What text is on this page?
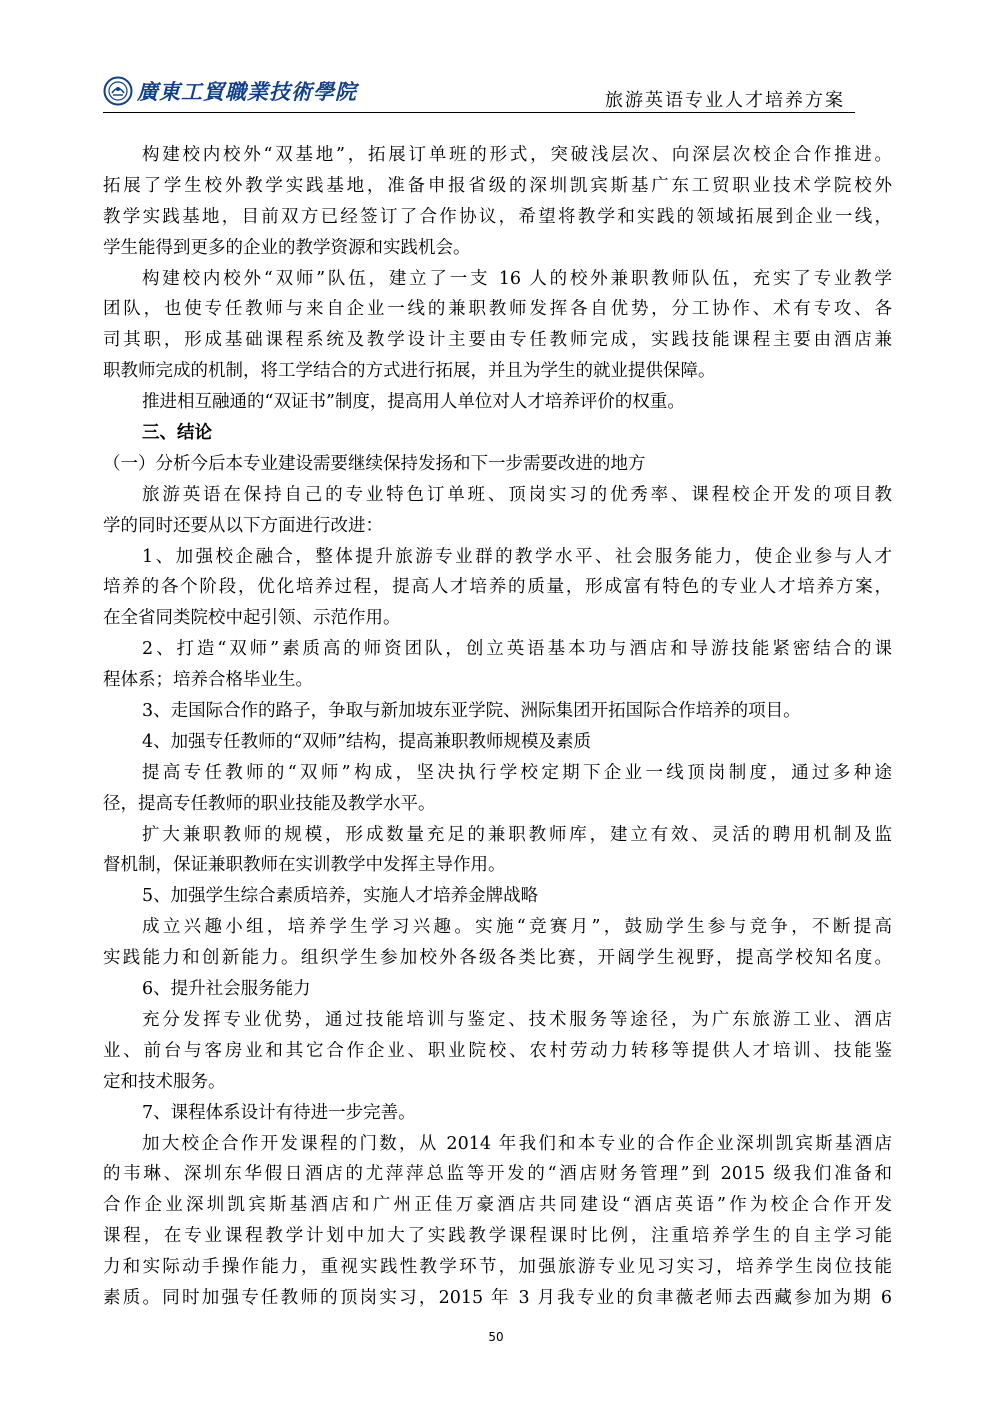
廣東工貿職業技術學院	旅游英语专业人才培养方案
构建校内校外“双基地”，拓展订单班的形式，突破浅层次、向深层次校企合作推进。
拓展了学生校外教学实践基地，准备申报省级的深圳凯宾斯基广东工贸职业技术学院校外
教学实践基地，目前双方已经签订了合作协议，希望将教学和实践的领域拓展到企业一线，
学生能得到更多的企业的教学资源和实践机会。
构建校内校外“双师”队伍，建立了一支 16 人的校外兼职教师队伍，充实了专业教学
团队，也使专任教师与来自企业一线的兼职教师发挥各自优势，分工协作、术有专攻、各
司其职，形成基础课程系统及教学设计主要由专任教师完成，实践技能课程主要由酒店兼
职教师完成的机制，将工学结合的方式进行拓展，并且为学生的就业提供保障。
推进相互融通的“双证书”制度，提高用人单位对人才培养评价的权重。
三、结论
（一）分析今后本专业建设需要继续保持发扬和下一步需要改进的地方
旅游英语在保持自己的专业特色订单班、顶岗实习的优秀率、课程校企开发的项目教
学的同时还要从以下方面进行改进：
1、加强校企融合，整体提升旅游专业群的教学水平、社会服务能力，使企业参与人才
培养的各个阶段，优化培养过程，提高人才培养的质量，形成富有特色的专业人才培养方案，
在全省同类院校中起引领、示范作用。
2、打造“双师”素质高的师资团队，创立英语基本功与酒店和导游技能紧密结合的课
程体系；培养合格毕业生。
3、走国际合作的路子，争取与新加坡东亚学院、洲际集团开拓国际合作培养的项目。
4、加强专任教师的“双师”结构，提高兼职教师规模及素质
提高专任教师的“双师”构成，坚决执行学校定期下企业一线顶岗制度，通过多种途
径，提高专任教师的职业技能及教学水平。
扩大兼职教师的规模，形成数量充足的兼职教师库，建立有效、灵活的聘用机制及监
督机制，保证兼职教师在实训教学中发挥主导作用。
5、加强学生综合素质培养，实施人才培养金牌战略
成立兴趣小组，培养学生学习兴趣。实施“竞赛月”，鼓励学生参与竞争，不断提高
实践能力和创新能力。组织学生参加校外各级各类比赛，开阔学生视野，提高学校知名度。
6、提升社会服务能力
充分发挥专业优势，通过技能培训与鉴定、技术服务等途径，为广东旅游工业、酒店
业、前台与客房业和其它合作企业、职业院校、农村劳动力转移等提供人才培训、技能鉴
定和技术服务。
7、课程体系设计有待进一步完善。
加大校企合作开发课程的门数，从 2014 年我们和本专业的合作企业深圳凯宾斯基酒店
的韦琳、深圳东华假日酒店的尤萍萍总监等开发的“酒店财务管理”到 2015 级我们准备和
合作企业深圳凯宾斯基酒店和广州正佳万豪酒店共同建设“酒店英语”作为校企合作开发
课程，在专业课程教学计划中加大了实践教学课程课时比例，注重培养学生的自主学习能
力和实际动手操作能力，重视实践性教学环节，加强旅游专业见习实习，培养学生岗位技能
素质。同时加强专任教师的顶岗实习，2015 年 3 月我专业的贠聿薇老师去西藏参加为期 6
50
